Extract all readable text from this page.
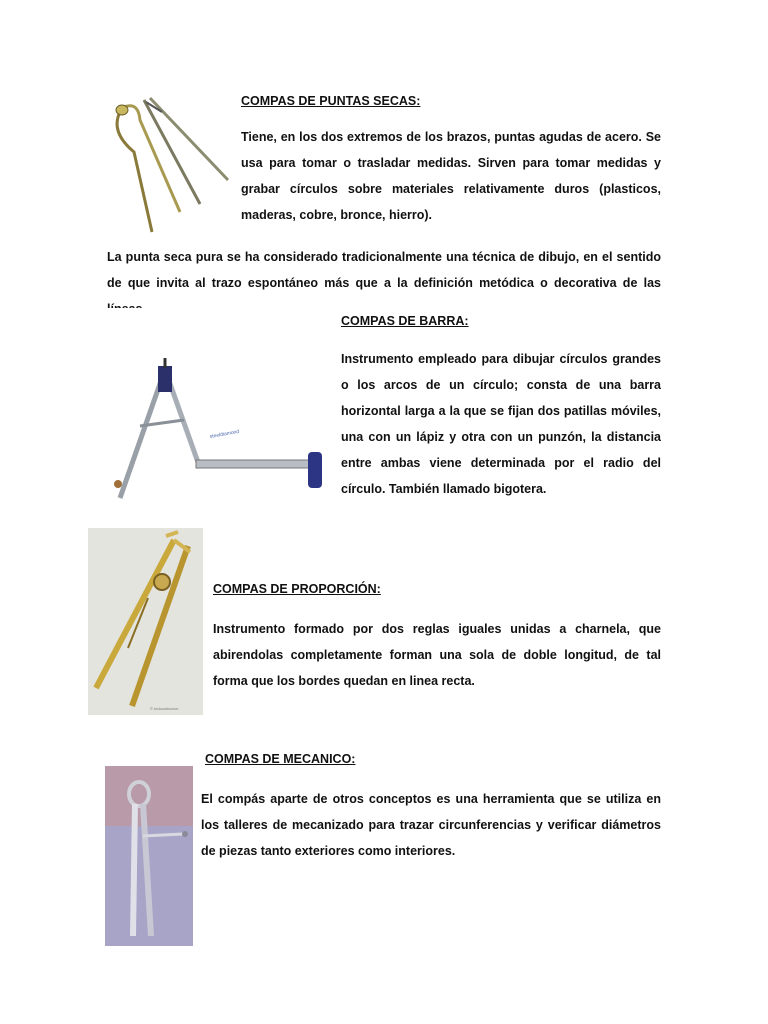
COMPAS DE PUNTAS SECAS:
Tiene, en los dos extremos de los brazos, puntas agudas de acero. Se usa para tomar o trasladar medidas. Sirven para tomar medidas y grabar círculos sobre materiales relativamente duros (plasticos, maderas, cobre, bronce, hierro).
La punta seca pura se ha considerado tradicionalmente una técnica de dibujo, en el sentido de que invita al trazo espontáneo más que a la definición metódica o decorativa de las
steeldiamond
COMPAS DE BARRA:
Instrumento empleado para dibujar círculos grandes o los arcos de un círculo; consta de una barra horizontal larga a la que se fijan dos patillas móviles, una con un lápiz y otra con un punzón, la distancia entre ambas viene determinada por el radio del círculo. También llamado bigotera.
© todocoleccion
COMPAS DE PROPORCIÓN:
Instrumento formado por dos reglas iguales unidas a charnela, que abirendolas completamente forman una sola de doble longitud, de tal forma que los bordes quedan en linea recta.
COMPAS DE MECANICO:
El compás aparte de otros conceptos es una herramienta que se utiliza en los talleres de mecanizado para trazar circunferencias y verificar diámetros de piezas tanto exteriores como interiores.
